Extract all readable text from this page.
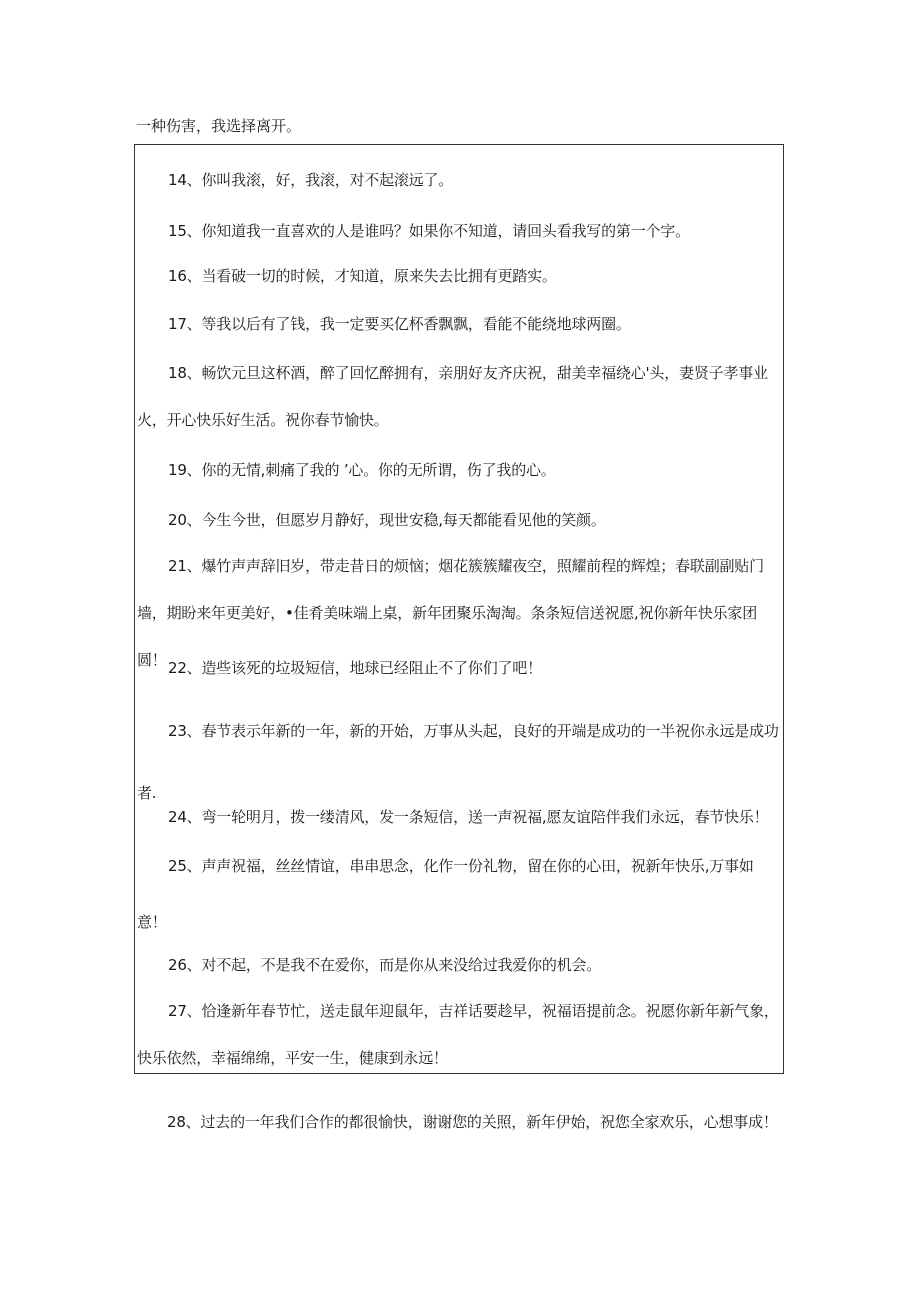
一种伤害，我选择离开。

14、你叫我滚，好，我滚，对不起滚远了。

15、你知道我一直喜欢的人是谁吗？如果你不知道，请回头看我写的第一个字。

16、当看破一切的时候，才知道，原来失去比拥有更踏实。

17、等我以后有了钱，我一定要买亿杯香飘飘，看能不能绕地球两圈。

18、畅饮元旦这杯酒，醉了回忆醉拥有，亲朋好友齐庆祝，甜美幸福绕心'头，妻贤子孝事业火，开心快乐好生活。祝你春节愉快。

19、你的无情,刺痛了我的 ’心。你的无所谓，伤了我的心。

20、今生今世，但愿岁月静好，现世安稳,每天都能看见他的笑颜。

21、爆竹声声辞旧岁，带走昔日的烦恼；烟花簇簇耀夜空，照耀前程的辉煌；春联副副贴门墙，期盼来年更美好，•佳肴美味端上桌，新年团聚乐淘淘。条条短信送祝愿,祝你新年快乐家团圆！ 22、造些该死的垃圾短信，地球已经阻止不了你们了吧！

23、春节表示年新的一年，新的开始，万事从头起，良好的开端是成功的一半祝你永远是成功者.

24、弯一轮明月，拨一缕清风，发一条短信，送一声祝福,愿友谊陪伴我们永远，春节快乐！

25、声声祝福，丝丝情谊，串串思念，化作一份礼物，留在你的心田，祝新年快乐,万事如意！

26、对不起，不是我不在爱你，而是你从来没给过我爱你的机会。

27、恰逢新年春节忙，送走鼠年迎鼠年，吉祥话要趁早，祝福语提前念。祝愿你新年新气象，快乐依然，幸福绵绵，平安一生，健康到永远！

28、过去的一年我们合作的都很愉快，谢谢您的关照，新年伊始，祝您全家欢乐，心想事成！
